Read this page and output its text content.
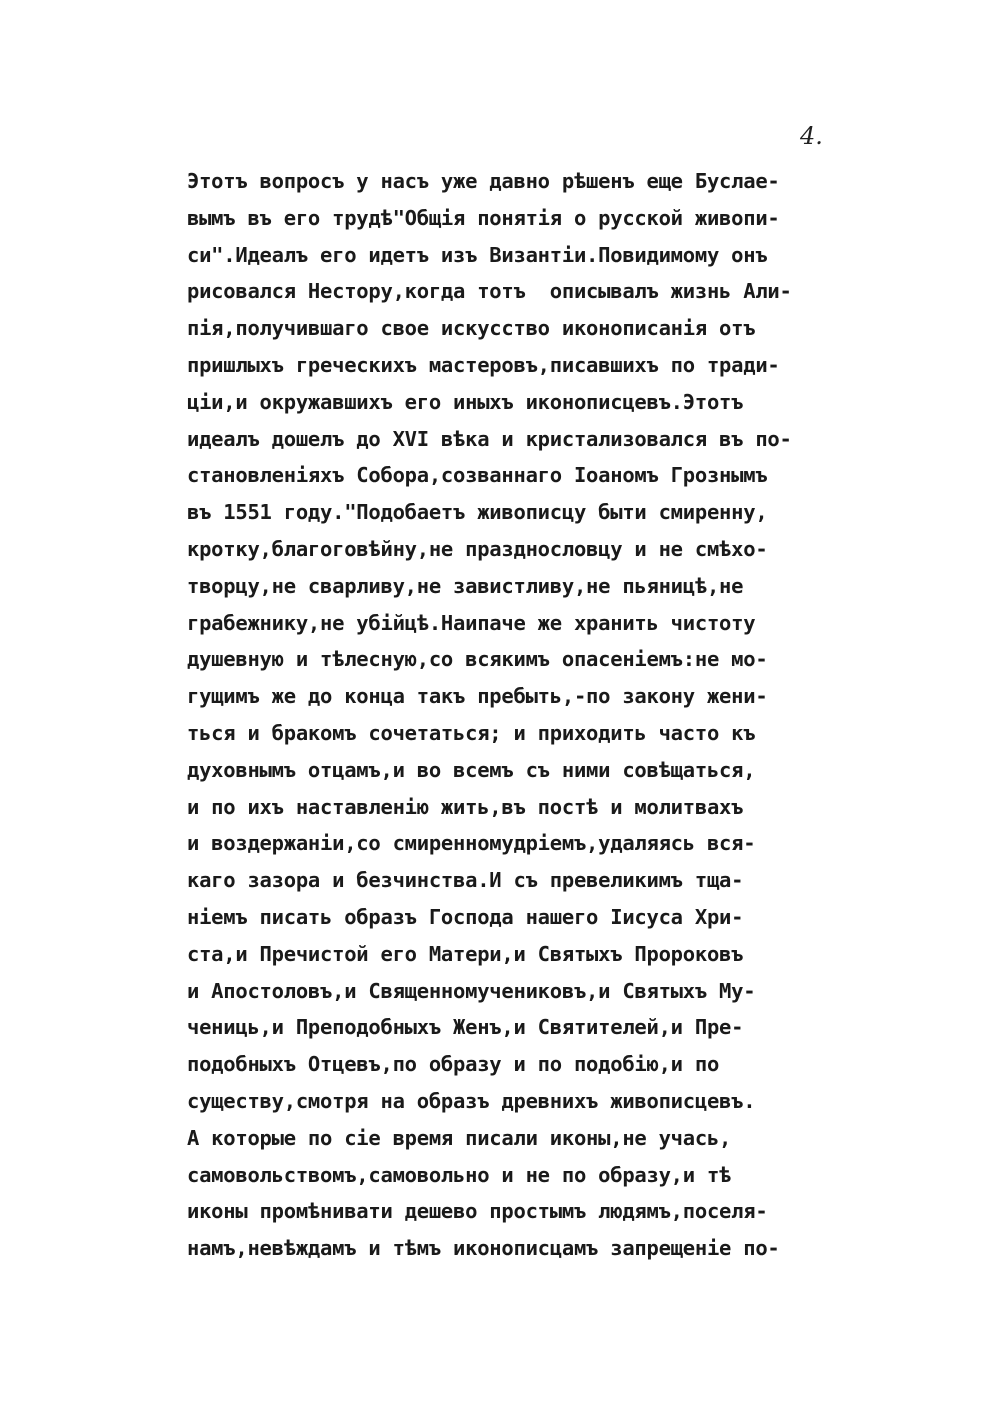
4.
Этотъ вопросъ у насъ уже давно рѣшенъ еще Буслае-
вымъ въ его трудѣ"Общія понятія о русской живопи-
си".Идеалъ его идетъ изъ Византіи.Повидимому онъ
рисовался Нестору,когда тотъ  описывалъ жизнь Али-
пія,получившаго свое искусство иконописанія отъ
пришлыхъ греческихъ мастеровъ,писавшихъ по тради-
ціи,и окружавшихъ его иныхъ иконописцевъ.Этотъ
идеалъ дошелъ до XVI вѣка и кристализовался въ по-
становленіяхъ Собора,созваннаго Іоаномъ Грознымъ
въ 1551 году."Подобаетъ живописцу быти смиренну,
кротку,благоговѣйну,не празднословцу и не смѣхо-
творцу,не сварливу,не завистливу,не пьяницѣ,не
грабежнику,не убійцѣ.Наипаче же хранить чистоту
душевную и тѣлесную,со всякимъ опасеніемъ:не мо-
гущимъ же до конца такъ пребыть,-по закону жени-
ться и бракомъ сочетаться; и приходить часто къ
духовнымъ отцамъ,и во всемъ съ ними совѣщаться,
и по ихъ наставленію жить,въ постѣ и молитвахъ
и воздержаніи,со смиренномудріемъ,удаляясь вся-
каго зазора и безчинства.И съ превеликимъ тща-
ніемъ писать образъ Господа нашего Іисуса Хри-
ста,и Пречистой его Матери,и Святыхъ Пророковъ
и Апостоловъ,и Священномучениковъ,и Святыхъ Му-
чениць,и Преподобныхъ Женъ,и Святителей,и Пре-
подобныхъ Отцевъ,по образу и по подобію,и по
существу,смотря на образъ древнихъ живописцевъ.
А которые по сіе время писали иконы,не учась,
самовольствомъ,самовольно и не по образу,и тѣ
иконы промѣнивати дешево простымъ людямъ,поселя-
намъ,невѣждамъ и тѣмъ иконописцамъ запрещеніе по-
